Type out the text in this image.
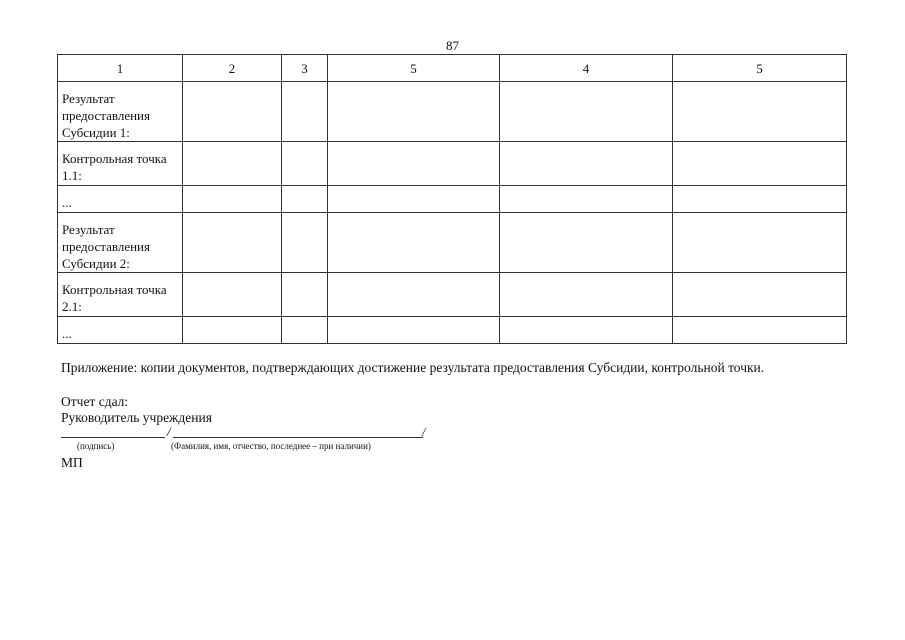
87
1	2	3	5	4	5
Результат предоставления Субсидии 1:					
Контрольная точка 1.1:					
...					
Результат предоставления Субсидии 2:					
Контрольная точка 2.1:					
...					
Приложение: копии документов, подтверждающих достижение результата предоставления Субсидии, контрольной точки.
Отчет сдал:
Руководитель учреждения
/	/
(подпись)	(Фамилия, имя, отчество, последнее – при наличии)
МП
